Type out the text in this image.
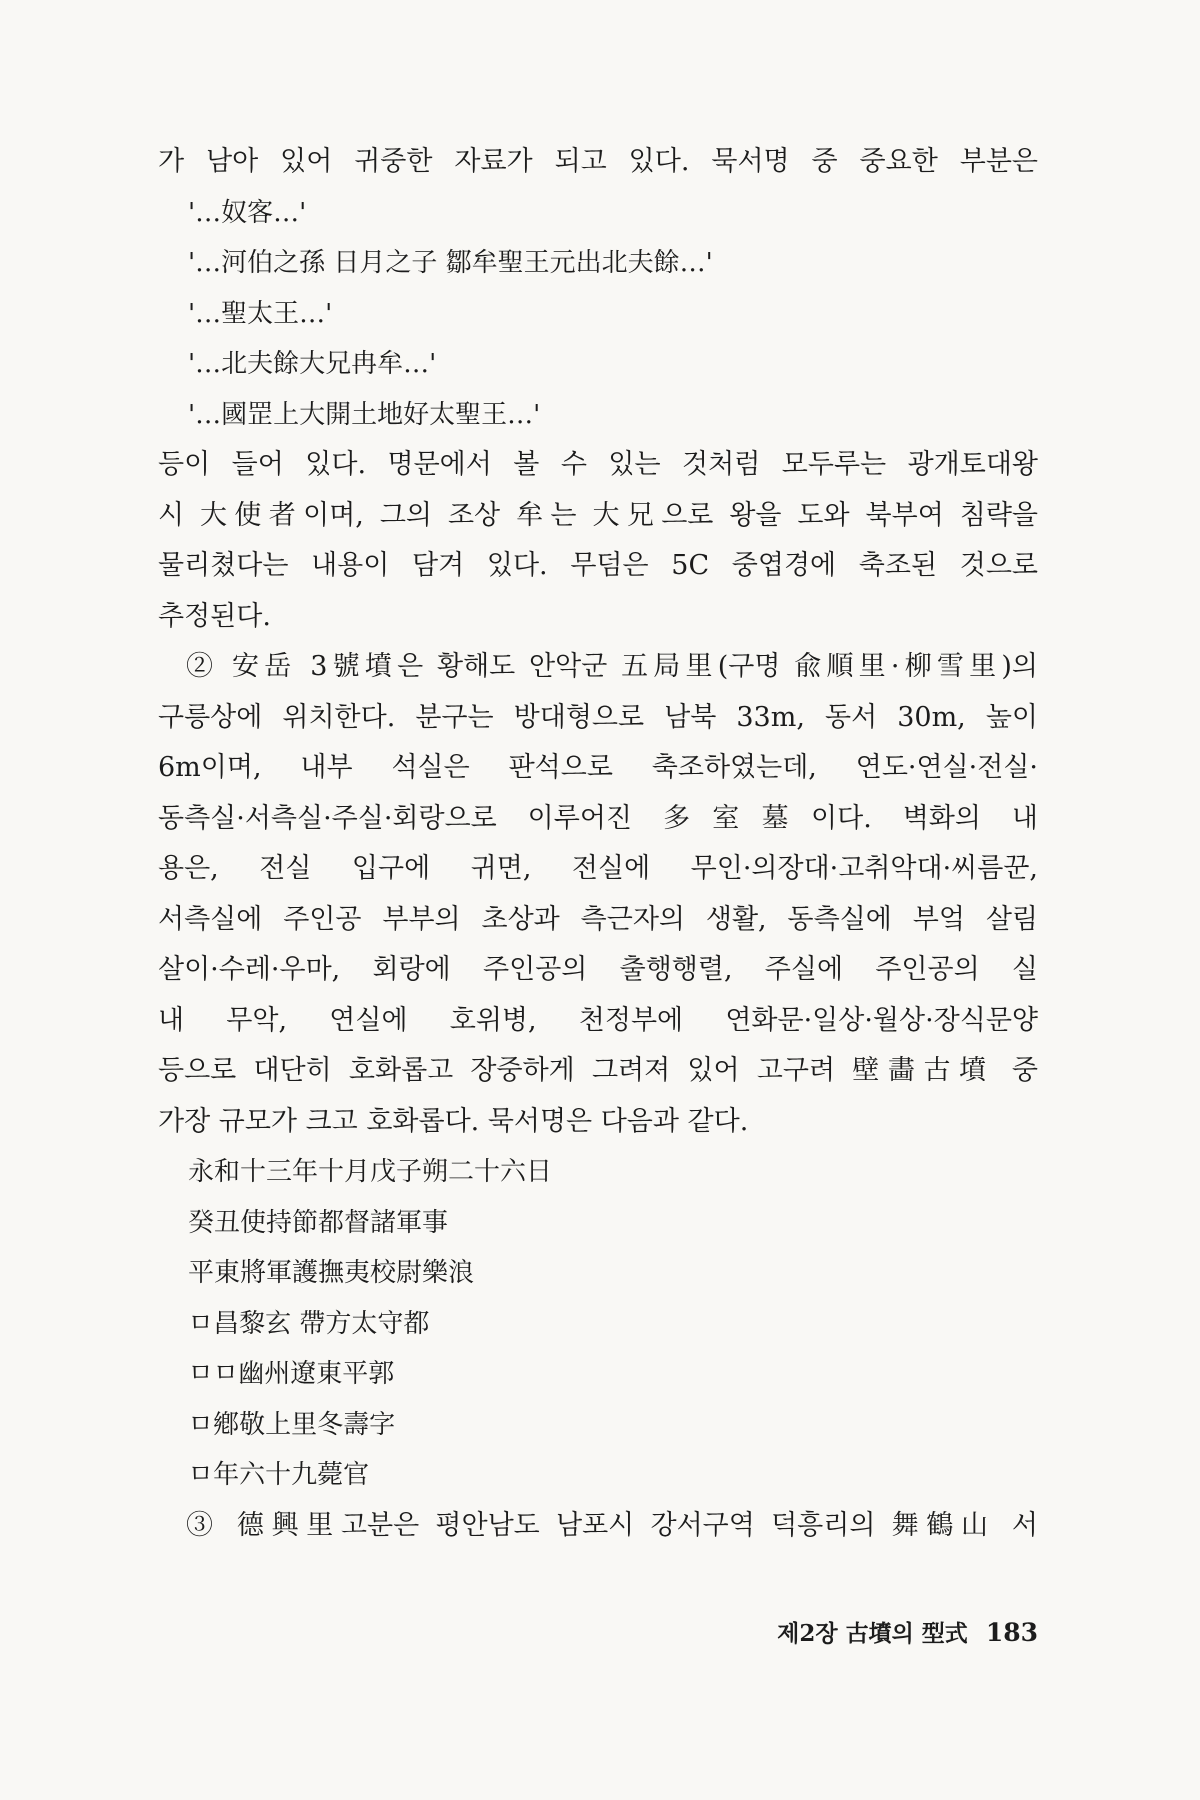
가 남아 있어 귀중한 자료가 되고 있다. 묵서명 중 중요한 부분은
'…奴客…'
'…河伯之孫 日月之子 鄒牟聖王元出北夫餘…'
'…聖太王…'
'…北夫餘大兄冉牟…'
'…國罡上大開土地好太聖王…'
등이 들어 있다. 명문에서 볼 수 있는 것처럼 모두루는 광개토대왕
시 大使者이며, 그의 조상 牟는 大兄으로 왕을 도와 북부여 침략을
물리쳤다는 내용이 담겨 있다. 무덤은 5C 중엽경에 축조된 것으로
추정된다.
② 安岳 3號墳은 황해도 안악군 五局里(구명 兪順里·柳雪里)의
구릉상에 위치한다. 분구는 방대형으로 남북 33m, 동서 30m, 높이
6m이며, 내부 석실은 판석으로 축조하였는데, 연도·연실·전실·
동측실·서측실·주실·회랑으로 이루어진 多室墓이다. 벽화의 내
용은, 전실 입구에 귀면, 전실에 무인·의장대·고취악대·씨름꾼,
서측실에 주인공 부부의 초상과 측근자의 생활, 동측실에 부엌 살림
살이·수레·우마, 회랑에 주인공의 출행행렬, 주실에 주인공의 실
내 무악, 연실에 호위병, 천정부에 연화문·일상·월상·장식문양
등으로 대단히 호화롭고 장중하게 그려져 있어 고구려 壁畵古墳 중
가장 규모가 크고 호화롭다. 묵서명은 다음과 같다.
永和十三年十月戊子朔二十六日
癸丑使持節都督諸軍事
平東將軍護撫夷校尉樂浪
ㅁ昌黎玄 帶方太守都
ㅁㅁ幽州遼東平郭
ㅁ鄕敬上里冬壽字
ㅁ年六十九薨官
③ 德興里고분은 평안남도 남포시 강서구역 덕흥리의 舞鶴山 서
제2장 古墳의 型式 183
